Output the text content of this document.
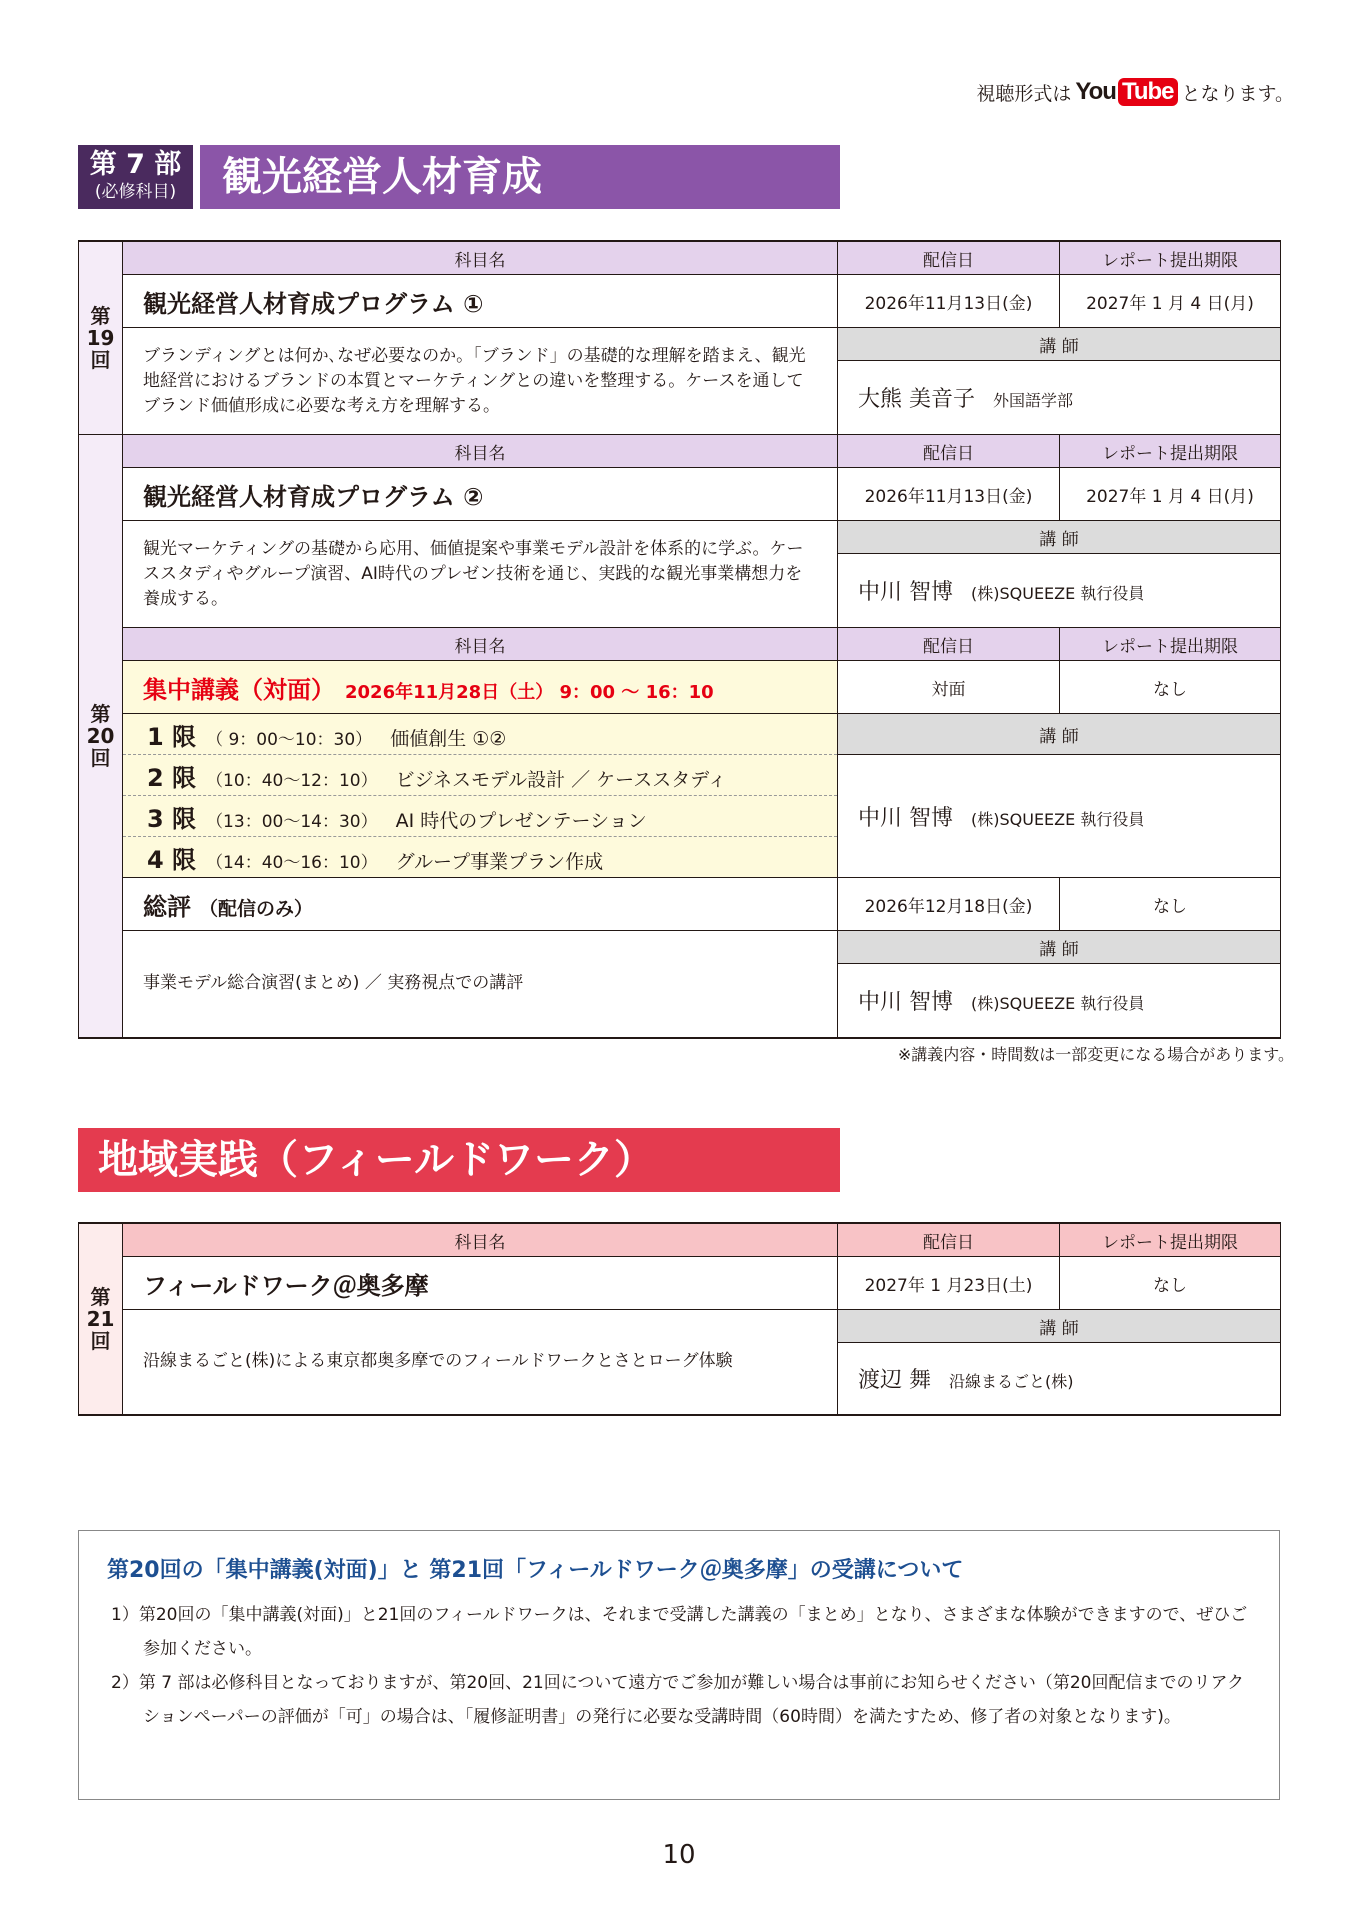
視聴形式は You Tube となります。
第 7 部
(必修科目)	観光経営人材育成
第
19
回	科目名	配信日	レポート提出期限
	観光経営人材育成プログラム ①	2026年11月13日(金)	2027年 1 月 4 日(月)
	ブランディングとは何か､なぜ必要なのか。「ブランド」の基礎的な理解を踏まえ、観光地経営におけるブランドの本質とマーケティングとの違いを整理する。ケースを通してブランド価値形成に必要な考え方を理解する。	講 師	
		大熊 美音子 外国語学部	

第
20
回	科目名	配信日	レポート提出期限
	観光経営人材育成プログラム ②	2026年11月13日(金)	2027年 1 月 4 日(月)
	観光マーケティングの基礎から応用、価値提案や事業モデル設計を体系的に学ぶ。ケーススタディやグループ演習、AI時代のプレゼン技術を通じ、実践的な観光事業構想力を養成する。	講 師	
		中川 智博 (株)SQUEEZE 執行役員	
	科目名	配信日	レポート提出期限
	集中講義（対面） 2026年11月28日（土） 9：00 ～ 16：10	対面	なし
	1 限 （ 9：00～10：30） 価値創生 ①②	講 師	
	2 限 （10：40～12：10） ビジネスモデル設計 ／ ケーススタディ	中川 智博 (株)SQUEEZE 執行役員	
	3 限 （13：00～14：30） AI 時代のプレゼンテーション		
	4 限 （14：40～16：10） グループ事業プラン作成		
	総評 （配信のみ）	2026年12月18日(金)	なし
	事業モデル総合演習(まとめ) ／ 実務視点での講評	講 師	
		中川 智博 (株)SQUEEZE 執行役員	
※講義内容・時間数は一部変更になる場合があります。
地域実践（フィールドワーク）
第
21
回	科目名	配信日	レポート提出期限
	フィールドワーク＠奥多摩	2027年 1 月23日(土)	なし
	沿線まるごと(株)による東京都奥多摩でのフィールドワークとさとローグ体験	講 師	
		渡辺 舞 沿線まるごと(株)	
第20回の「集中講義(対面)」と 第21回「フィールドワーク＠奥多摩」の受講について
1）第20回の「集中講義(対面)」と21回のフィールドワークは、それまで受講した講義の「まとめ」となり、さまざまな体験ができますので、ぜひご参加ください。
2）第 7 部は必修科目となっておりますが、第20回、21回について遠方でご参加が難しい場合は事前にお知らせください（第20回配信までのリアクションペーパーの評価が「可」の場合は、「履修証明書」の発行に必要な受講時間（60時間）を満たすため、修了者の対象となります)。
10
